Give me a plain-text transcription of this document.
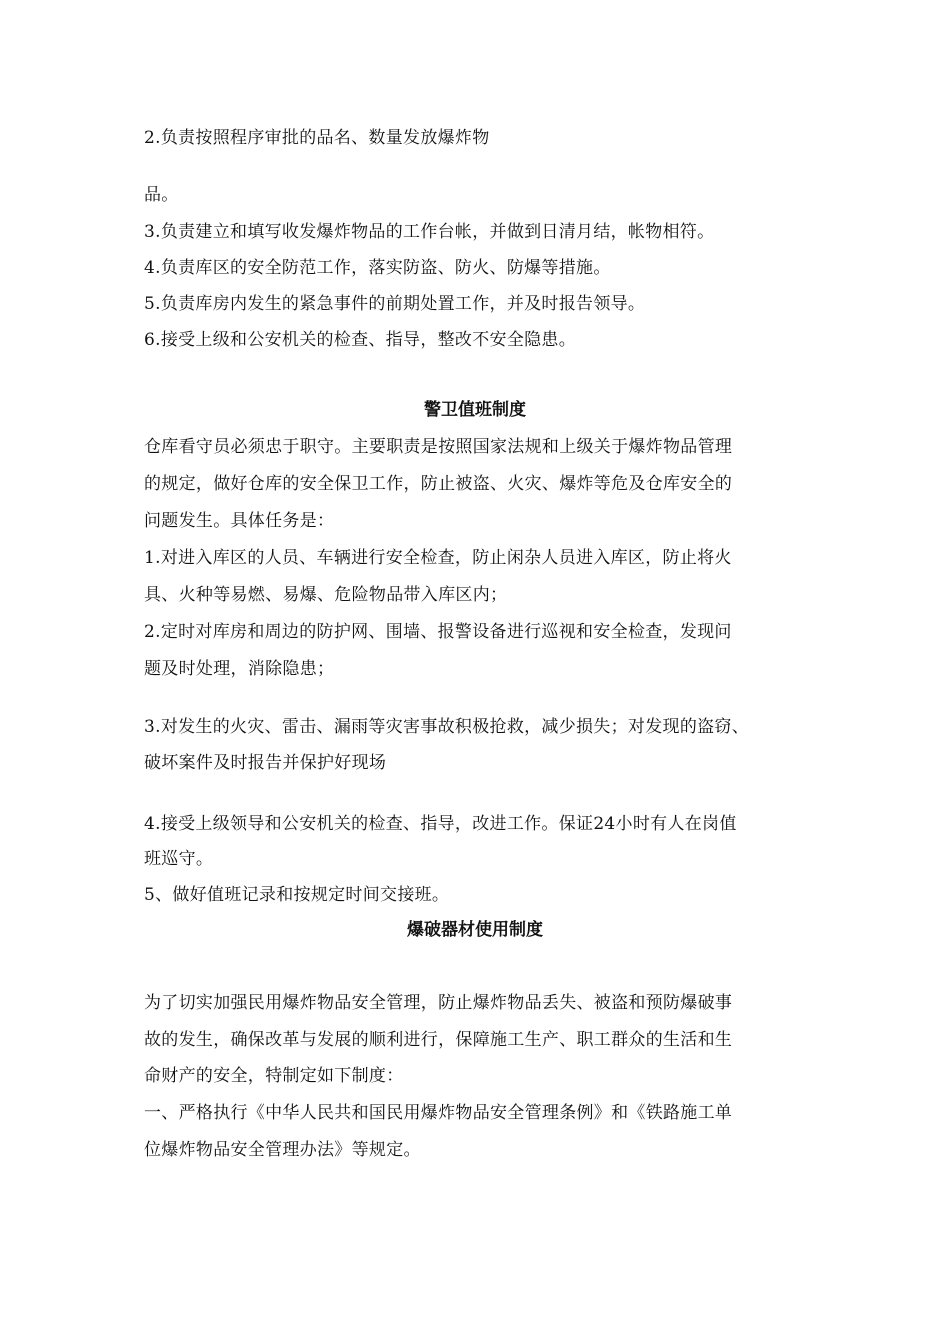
2.负责按照程序审批的品名、数量发放爆炸物
品。
3.负责建立和填写收发爆炸物品的工作台帐，并做到日清月结，帐物相符。
4.负责库区的安全防范工作，落实防盗、防火、防爆等措施。
5.负责库房内发生的紧急事件的前期处置工作，并及时报告领导。
6.接受上级和公安机关的检查、指导，整改不安全隐患。
警卫值班制度
仓库看守员必须忠于职守。主要职责是按照国家法规和上级关于爆炸物品管理
的规定，做好仓库的安全保卫工作，防止被盗、火灾、爆炸等危及仓库安全的
问题发生。具体任务是：
1.对进入库区的人员、车辆进行安全检查，防止闲杂人员进入库区，防止将火
具、火种等易燃、易爆、危险物品带入库区内；
2.定时对库房和周边的防护网、围墙、报警设备进行巡视和安全检查，发现问
题及时处理，消除隐患；
3.对发生的火灾、雷击、漏雨等灾害事故积极抢救，减少损失；对发现的盗窃、
破坏案件及时报告并保护好现场
4.接受上级领导和公安机关的检查、指导，改进工作。保证24小时有人在岗值
班巡守。
5、做好值班记录和按规定时间交接班。
爆破器材使用制度
为了切实加强民用爆炸物品安全管理，防止爆炸物品丢失、被盗和预防爆破事
故的发生，确保改革与发展的顺利进行，保障施工生产、职工群众的生活和生
命财产的安全，特制定如下制度：
一、严格执行《中华人民共和国民用爆炸物品安全管理条例》和《铁路施工单
位爆炸物品安全管理办法》等规定。
